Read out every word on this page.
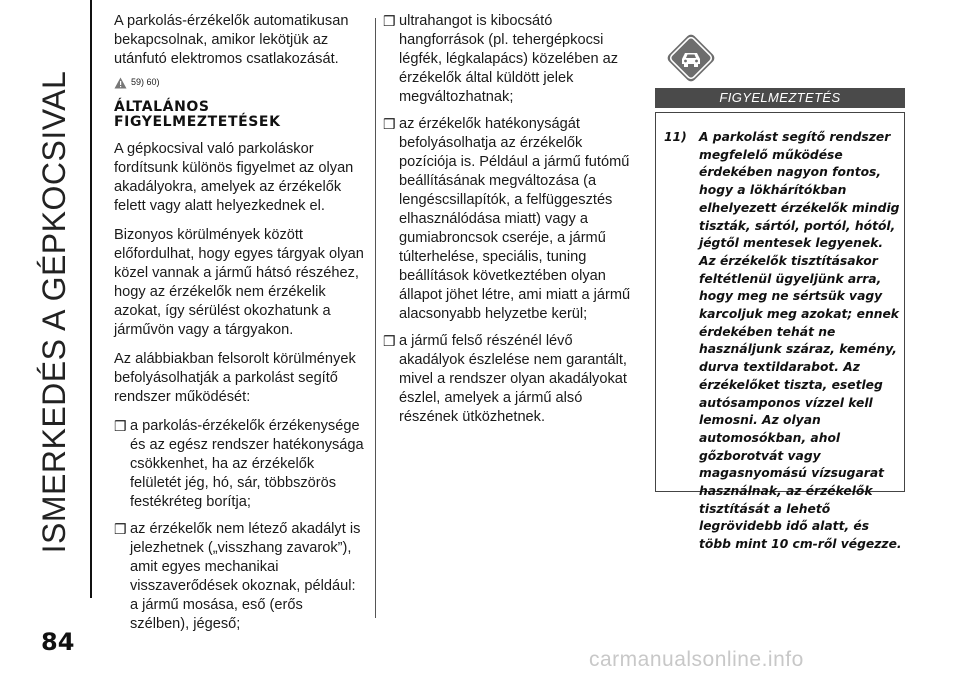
ISMERKEDÉS A GÉPKOCSIVAL
84

A parkolás-érzékelők automatikusan bekapcsolnak, amikor lekötjük az utánfutó elektromos csatlakozását.

59) 60)
ÁLTALÁNOS
FIGYELMEZTETÉSEK

A gépkocsival való parkoláskor fordítsunk különös figyelmet az olyan akadályokra, amelyek az érzékelők felett vagy alatt helyezkednek el.

Bizonyos körülmények között előfordulhat, hogy egyes tárgyak olyan közel vannak a jármű hátsó részéhez, hogy az érzékelők nem érzékelik azokat, így sérülést okozhatunk a járművön vagy a tárgyakon.

Az alábbiakban felsorolt körülmények befolyásolhatják a parkolást segítő rendszer működését:

❒ a parkolás-érzékelők érzékenysége és az egész rendszer hatékonysága csökkenhet, ha az érzékelők felületét jég, hó, sár, többszörös festékréteg borítja;
❒ az érzékelők nem létező akadályt is jelezhetnek („visszhang zavarok”), amit egyes mechanikai visszaverődések okoznak, például: a jármű mosása, eső (erős szélben), jégeső;
❒ ultrahangot is kibocsátó hangforrások (pl. tehergépkocsi légfék, légkalapács) közelében az érzékelők által küldött jelek megváltozhatnak;
❒ az érzékelők hatékonyságát befolyásolhatja az érzékelők pozíciója is. Például a jármű futómű beállításának megváltozása (a lengéscsillapítók, a felfüggesztés elhasználódása miatt) vagy a gumiabroncsok cseréje, a jármű túlterhelése, speciális, tuning beállítások következtében olyan állapot jöhet létre, ami miatt a jármű alacsonyabb helyzetbe kerül;
❒ a jármű felső részénél lévő akadályok észlelése nem garantált, mivel a rendszer olyan akadályokat észlel, amelyek a jármű alsó részének ütközhetnek.
FIGYELMEZTETÉS
11) A parkolást segítő rendszer megfelelő működése érdekében nagyon fontos, hogy a lökhárítókban elhelyezett érzékelők mindig tiszták, sártól, portól, hótól, jégtől mentesek legyenek. Az érzékelők tisztításakor feltétlenül ügyeljünk arra, hogy meg ne sértsük vagy karcoljuk meg azokat; ennek érdekében tehát ne használjunk száraz, kemény, durva textildarabot. Az érzékelőket tiszta, esetleg autósamponos vízzel kell lemosni. Az olyan automosókban, ahol gőzborotvát vagy magasnyomású vízsugarat használnak, az érzékelők tisztítását a lehető legrövidebb idő alatt, és több mint 10 cm-ről végezze.
carmanualsonline.info
